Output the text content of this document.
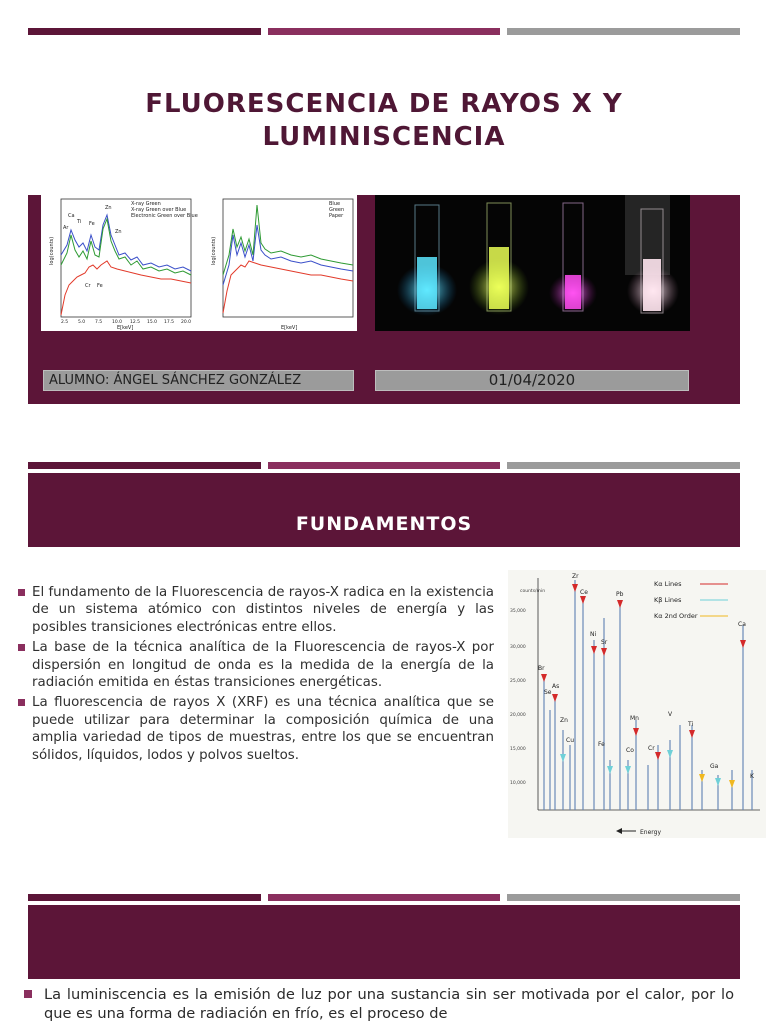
FLUORESCENCIA DE RAYOS X Y
LUMINISCENCIA
X-ray Green
X-ray Green over Blue
Electronic Green over Blue
Ca
Ti
Zn
Fe
Zn
Ar
Cr Fe
E[keV]
2.5 5.0 7.5 10.0 12.5 15.0 17.5 20.0
log(counts)
Blue
Green
Paper
E[keV]
log(counts)
ALUMNO: ÁNGEL SÁNCHEZ GONZÁLEZ	01/04/2020
FUNDAMENTOS
El fundamento de la Fluorescencia de rayos-X radica en la existencia de un sistema atómico con distintos niveles de energía y las posibles transiciones electrónicas entre ellos.
La base de la técnica analítica de la Fluorescencia de rayos-X por dispersión en longitud de onda es la medida de la energía de la radiación emitida en éstas transiciones energéticas.
La fluorescencia de rayos X (XRF) es una técnica analítica que se puede utilizar para determinar la composición química de una amplia variedad de tipos de muestras, entre los que se encuentran sólidos, líquidos, lodos y polvos sueltos.
35,000
30,000
25,000
20,000
15,000
10,000
counts/min
Zr
Ce
Sr
Pb
Br
Se
As
Zn
Cu
Ni
Fe
Mn
Cr
V
Ti
Ca
K
Ga
Co
Kα Lines
Kβ Lines
Kα 2nd Order
Energy
La luminiscencia es la emisión de luz por una sustancia sin ser motivada por el calor, por lo que es una forma de radiación en frío, es el proceso de
